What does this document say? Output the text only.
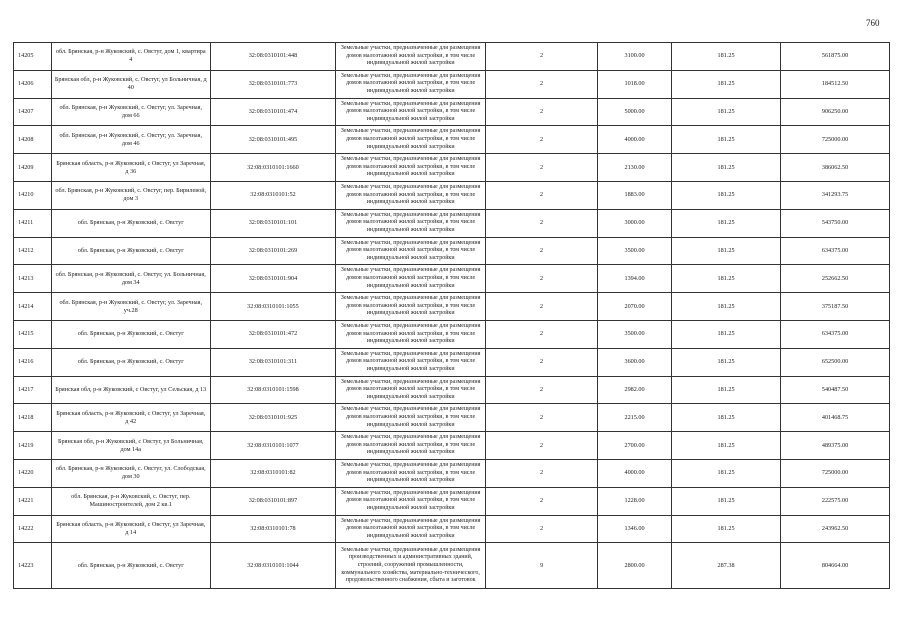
760
14205	обл. Брянская, р-н Жуковский, с. Овстуг, дом 1, квартира 4	32:08:0310101:448	Земельные участки, предназначенные для размещения домов малоэтажной жилой застройки, в том числе индивидуальной жилой застройки	2	3100.00	181.25	561875.00
14206	Брянская обл, р-н Жуковский, с. Овстуг, ул Больничная, д 40	32:08:0310101:773	Земельные участки, предназначенные для размещения домов малоэтажной жилой застройки, в том числе индивидуальной жилой застройки	2	1018.00	181.25	184512.50
14207	обл. Брянская, р-н Жуковский, с. Овстуг, ул. Заречная, дом 66	32:08:0310101:474	Земельные участки, предназначенные для размещения домов малоэтажной жилой застройки, в том числе индивидуальной жилой застройки	2	5000.00	181.25	906250.00
14208	обл. Брянская, р-н Жуковский, с. Овстуг, ул. Заречная, дом 46	32:08:0310101:495	Земельные участки, предназначенные для размещения домов малоэтажной жилой застройки, в том числе индивидуальной жилой застройки	2	4000.00	181.25	725000.00
14209	Брянская область, р-н Жуковский, с Овстуг, ул Заречная, д 36	32:08:0310101:1660	Земельные участки, предназначенные для размещения домов малоэтажной жилой застройки, в том числе индивидуальной жилой застройки	2	2130.00	181.25	386062.50
14210	обл. Брянская, р-н Жуковский, с. Овстуг, пер. Бирилевой, дом 3	32:08:0310101:52	Земельные участки, предназначенные для размещения домов малоэтажной жилой застройки, в том числе индивидуальной жилой застройки	2	1883.00	181.25	341293.75
14211	обл. Брянская, р-н Жуковский, с. Овстуг	32:08:0310101:101	Земельные участки, предназначенные для размещения домов малоэтажной жилой застройки, в том числе индивидуальной жилой застройки	2	3000.00	181.25	543750.00
14212	обл. Брянская, р-н Жуковский, с. Овстуг	32:08:0310101:269	Земельные участки, предназначенные для размещения домов малоэтажной жилой застройки, в том числе индивидуальной жилой застройки	2	3500.00	181.25	634375.00
14213	обл. Брянская, р-н Жуковский, с. Овстуг, ул. Больничная, дом 34	32:08:0310101:904	Земельные участки, предназначенные для размещения домов малоэтажной жилой застройки, в том числе индивидуальной жилой застройки	2	1394.00	181.25	252662.50
14214	обл. Брянская, р-н Жуковский, с. Овстуг, ул. Заречная, уч.28	32:08:0310101:1055	Земельные участки, предназначенные для размещения домов малоэтажной жилой застройки, в том числе индивидуальной жилой застройки	2	2070.00	181.25	375187.50
14215	обл. Брянская, р-н Жуковский, с. Овстуг	32:08:0310101:472	Земельные участки, предназначенные для размещения домов малоэтажной жилой застройки, в том числе индивидуальной жилой застройки	2	3500.00	181.25	634375.00
14216	обл. Брянская, р-н Жуковский, с. Овстуг	32:08:0310101:311	Земельные участки, предназначенные для размещения домов малоэтажной жилой застройки, в том числе индивидуальной жилой застройки	2	3600.00	181.25	652500.00
14217	Брянская обл, р-н Жуковский, с Овстуг, ул Сельская, д 13	32:08:0310101:1598	Земельные участки, предназначенные для размещения домов малоэтажной жилой застройки, в том числе индивидуальной жилой застройки	2	2982.00	181.25	540487.50
14218	Брянская область, р-н Жуковский, с Овстуг, ул Заречная, д 42	32:08:0310101:925	Земельные участки, предназначенные для размещения домов малоэтажной жилой застройки, в том числе индивидуальной жилой застройки	2	2215.00	181.25	401468.75
14219	Брянская обл, р-н Жуковский, с Овстуг, ул Больничная, дом 14а	32:08:0310101:1077	Земельные участки, предназначенные для размещения домов малоэтажной жилой застройки, в том числе индивидуальной жилой застройки	2	2700.00	181.25	489375.00
14220	обл. Брянская, р-н Жуковский, с. Овстуг, ул. Слободская, дом 30	32:08:0310101:82	Земельные участки, предназначенные для размещения домов малоэтажной жилой застройки, в том числе индивидуальной жилой застройки	2	4000.00	181.25	725000.00
14221	обл. Брянская, р-н Жуковский, с. Овстуг, пер. Машиностроителей, дом 2 кв.1	32:08:0310101:897	Земельные участки, предназначенные для размещения домов малоэтажной жилой застройки, в том числе индивидуальной жилой застройки	2	1228.00	181.25	222575.00
14222	Брянская область, р-н Жуковский, с Овстуг, ул Заречная, д 14	32:08:0310101:78	Земельные участки, предназначенные для размещения домов малоэтажной жилой застройки, в том числе индивидуальной жилой застройки	2	1346.00	181.25	243962.50
14223	обл. Брянская, р-н Жуковский, с. Овстуг	32:08:0310101:1044	Земельные участки, предназначенные для размещения производственных и административных зданий, строений, сооружений промышленности, коммунального хозяйства, материально-технического, продовольственного снабжения, сбыта и заготовок	9	2800.00	287.38	804664.00
